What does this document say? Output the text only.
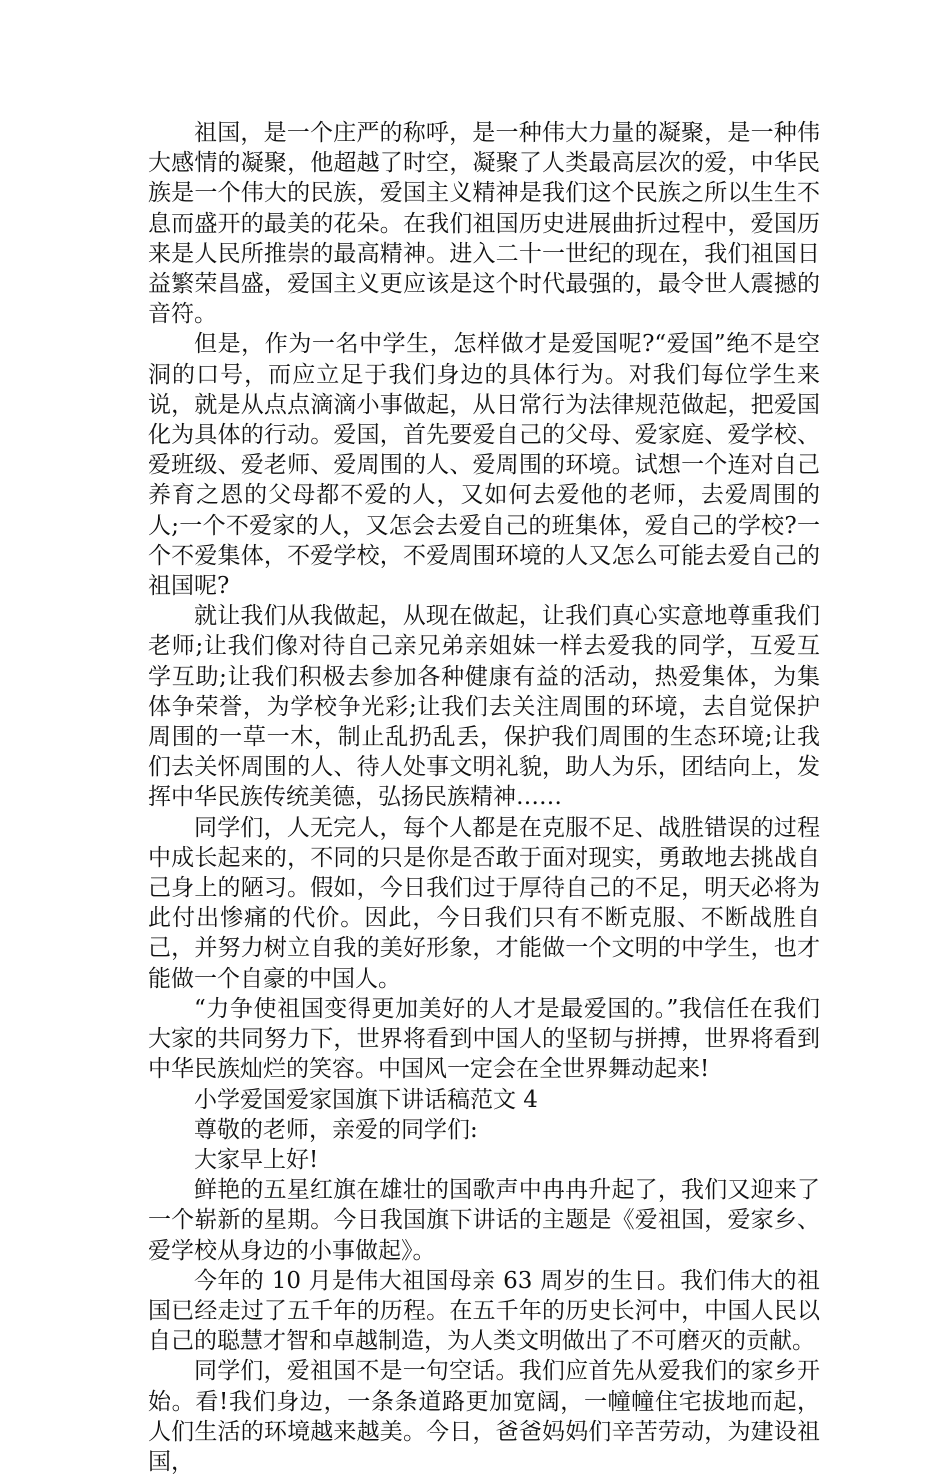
祖国，是一个庄严的称呼，是一种伟大力量的凝聚，是一种伟大感情的凝聚，他超越了时空，凝聚了人类最高层次的爱，中华民族是一个伟大的民族，爱国主义精神是我们这个民族之所以生生不息而盛开的最美的花朵。在我们祖国历史进展曲折过程中，爱国历来是人民所推崇的最高精神。进入二十一世纪的现在，我们祖国日益繁荣昌盛，爱国主义更应该是这个时代最强的，最令世人震撼的音符。

但是，作为一名中学生，怎样做才是爱国呢?“爱国”绝不是空洞的口号，而应立足于我们身边的具体行为。对我们每位学生来说，就是从点点滴滴小事做起，从日常行为法律规范做起，把爱国化为具体的行动。爱国，首先要爱自己的父母、爱家庭、爱学校、爱班级、爱老师、爱周围的人、爱周围的环境。试想一个连对自己养育之恩的父母都不爱的人，又如何去爱他的老师，去爱周围的人;一个不爱家的人，又怎会去爱自己的班集体，爱自己的学校?一个不爱集体，不爱学校，不爱周围环境的人又怎么可能去爱自己的祖国呢?

就让我们从我做起，从现在做起，让我们真心实意地尊重我们老师;让我们像对待自己亲兄弟亲姐妹一样去爱我的同学，互爱互学互助;让我们积极去参加各种健康有益的活动，热爱集体，为集体争荣誉，为学校争光彩;让我们去关注周围的环境，去自觉保护周围的一草一木，制止乱扔乱丢，保护我们周围的生态环境;让我们去关怀周围的人、待人处事文明礼貌，助人为乐，团结向上，发挥中华民族传统美德，弘扬民族精神……

同学们，人无完人，每个人都是在克服不足、战胜错误的过程中成长起来的，不同的只是你是否敢于面对现实，勇敢地去挑战自己身上的陋习。假如，今日我们过于厚待自己的不足，明天必将为此付出惨痛的代价。因此，今日我们只有不断克服、不断战胜自己，并努力树立自我的美好形象，才能做一个文明的中学生，也才能做一个自豪的中国人。

“力争使祖国变得更加美好的人才是最爱国的。”我信任在我们大家的共同努力下，世界将看到中国人的坚韧与拼搏，世界将看到中华民族灿烂的笑容。中国风一定会在全世界舞动起来!

小学爱国爱家国旗下讲话稿范文 4

尊敬的老师，亲爱的同学们:

大家早上好!

鲜艳的五星红旗在雄壮的国歌声中冉冉升起了，我们又迎来了一个崭新的星期。今日我国旗下讲话的主题是《爱祖国，爱家乡、爱学校从身边的小事做起》。

今年的 10 月是伟大祖国母亲 63 周岁的生日。我们伟大的祖国已经走过了五千年的历程。在五千年的历史长河中，中国人民以自己的聪慧才智和卓越制造，为人类文明做出了不可磨灭的贡献。

同学们，爱祖国不是一句空话。我们应首先从爱我们的家乡开始。看!我们身边，一条条道路更加宽阔，一幢幢住宅拔地而起，人们生活的环境越来越美。今日，爸爸妈妈们辛苦劳动，为建设祖国，
